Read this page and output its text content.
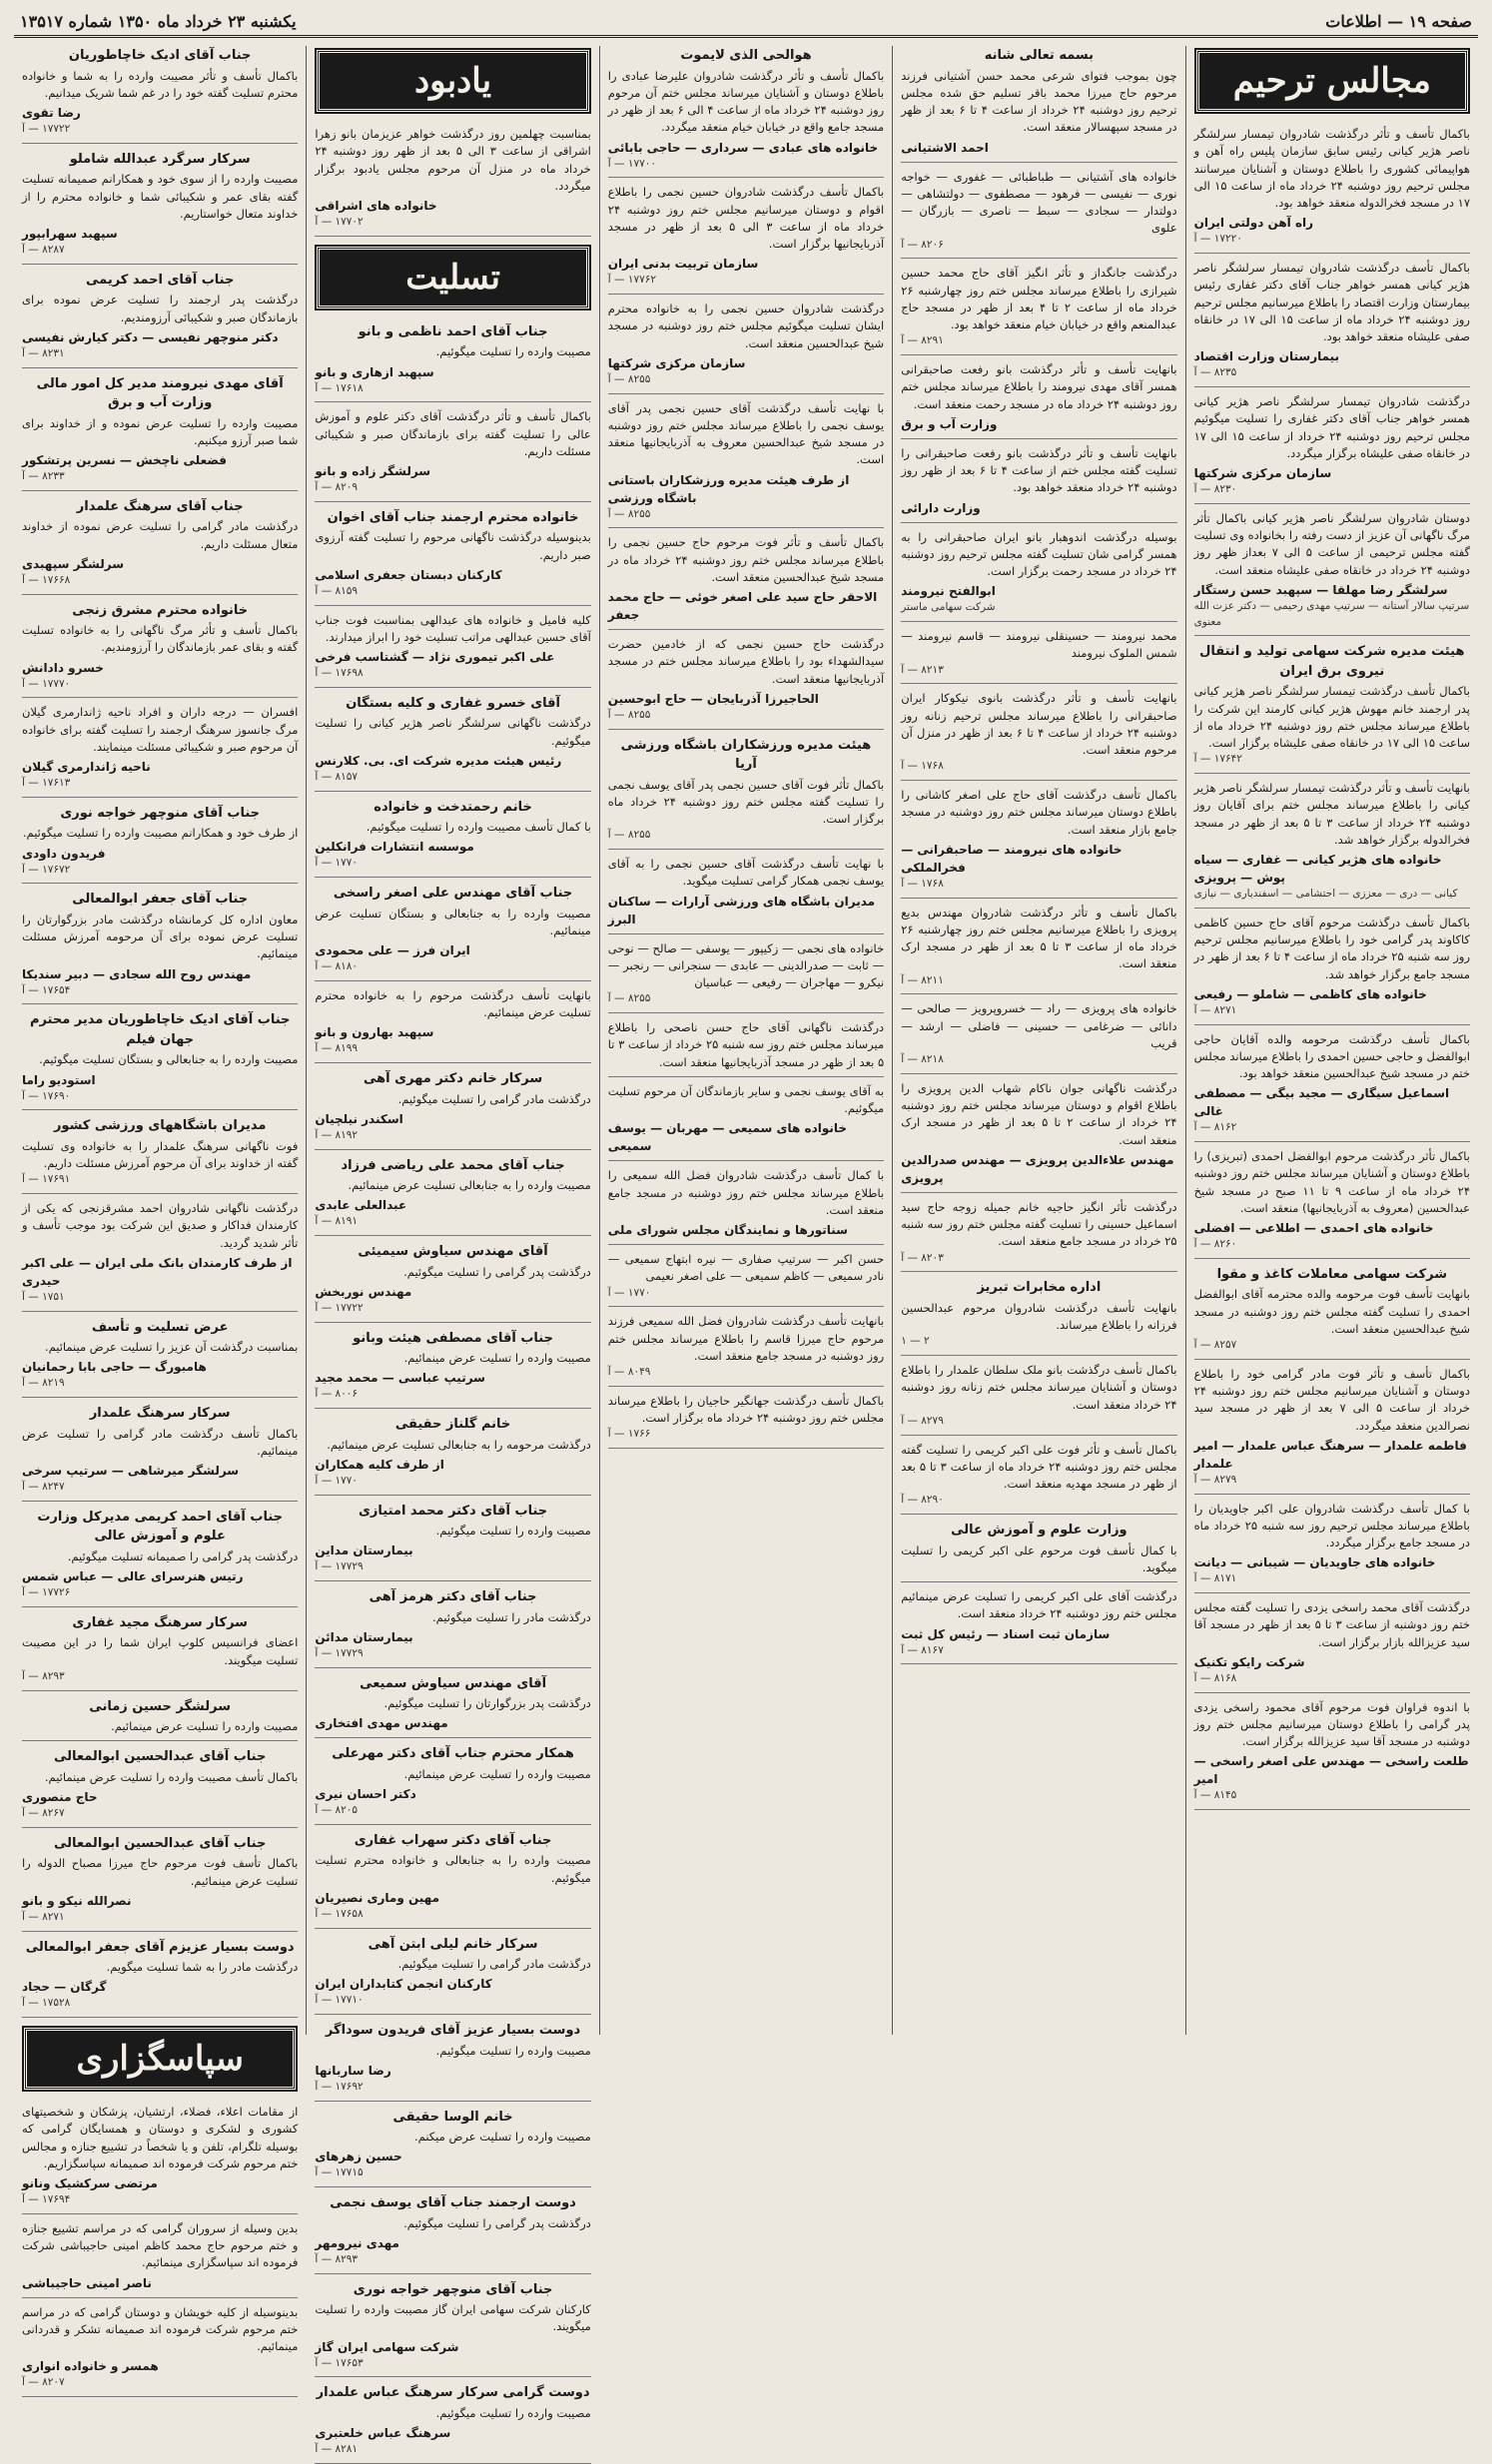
صفحه ۱۹ — اطلاعات
یکشنبه ۲۳ خرداد ماه ۱۳۵۰ شماره ۱۳۵۱۷
مجالس ترحیم
باکمال تأسف و تأثر درگذشت شادروان تیمسار سرلشگر ناصر هژیر کیانی رئیس سابق سازمان پلیس راه آهن و هواپیمائی کشوری را باطلاع دوستان و آشنایان میرسانند مجلس ترحیم روز دوشنبه ۲۴ خرداد ماه از ساعت ۱۵ الی ۱۷ در مسجد فخرالدوله منعقد خواهد بود.
راه آهن دولتی ایران
۱۷۲۲۰ — آ
باکمال تأسف درگذشت شادروان تیمسار سرلشگر ناصر هژیر کیانی همسر خواهر جناب آقای دکتر غفاری رئیس بیمارستان وزارت اقتصاد را باطلاع میرسانیم مجلس ترحیم روز دوشنبه ۲۴ خرداد ماه از ساعت ۱۵ الی ۱۷ در خانقاه صفی علیشاه منعقد خواهد بود.
بیمارستان وزارت اقتصاد
۸۲۳۵ — آ
درگذشت شادروان تیمسار سرلشگر ناصر هژیر کیانی همسر خواهر جناب آقای دکتر غفاری را تسلیت میگوئیم مجلس ترحیم روز دوشنبه ۲۴ خرداد از ساعت ۱۵ الی ۱۷ در خانقاه صفی علیشاه برگزار میگردد.
سازمان مرکزی شرکتها
۸۲۳۰ — آ
دوستان شادروان سرلشگر ناصر هژیر کیانی باکمال تأثر مرگ ناگهانی آن عزیز از دست رفته را بخانواده وی تسلیت گفته مجلس ترحیمی از ساعت ۵ الی ۷ بعداز ظهر روز دوشنبه ۲۴ خرداد در خانقاه صفی علیشاه منعقد است.
سرلشگر رضا مهلقا — سپهبد حسن رستگار
سرتیپ سالار آستانه — سرتیپ مهدی رحیمی — دکتر عزت الله معنوی
هیئت مدیره شرکت سهامی تولید و انتقال نیروی برق ایران
باکمال تأسف درگذشت تیمسار سرلشگر ناصر هژیر کیانی پدر ارجمند خانم مهوش هژیر کیانی کارمند این شرکت را باطلاع میرساند مجلس ختم روز دوشنبه ۲۴ خرداد ماه از ساعت ۱۵ الی ۱۷ در خانقاه صفی علیشاه برگزار است.
۱۷۶۴۲ — آ
بانهایت تأسف و تأثر درگذشت تیمسار سرلشگر ناصر هژیر کیانی را باطلاع میرساند مجلس ختم برای آقایان روز دوشنبه ۲۴ خرداد از ساعت ۳ تا ۵ بعد از ظهر در مسجد فخرالدوله برگزار خواهد شد.
خانواده های هژیر کیانی — غفاری — سیاه پوش — پرویزی
کیانی — دری — معززی — احتشامی — اسفندیاری — نیازی
باکمال تأسف درگذشت مرحوم آقای حاج حسین کاظمی کاکاوند پدر گرامی خود را باطلاع میرسانیم مجلس ترحیم روز سه شنبه ۲۵ خرداد ماه از ساعت ۴ تا ۶ بعد از ظهر در مسجد جامع برگزار خواهد شد.
خانواده های کاظمی — شاملو — رفیعی
۸۲۷۱ — آ
باکمال تأسف درگذشت مرحومه والده آقایان حاجی ابوالفضل و حاجی حسین احمدی را باطلاع میرساند مجلس ختم در مسجد شیخ عبدالحسین منعقد خواهد بود.
اسماعیل سیگاری — مجید بیگی — مصطفی غالی
۸۱۶۲ — آ
باکمال تأثر درگذشت مرحوم ابوالفضل احمدی (تبریزی) را باطلاع دوستان و آشنایان میرساند مجلس ختم روز دوشنبه ۲۴ خرداد ماه از ساعت ۹ تا ۱۱ صبح در مسجد شیخ عبدالحسین (معروف به آذربایجانیها) منعقد است.
خانواده های احمدی — اطلاعی — افضلی
۸۲۶۰ — آ
شرکت سهامی معاملات کاغذ و مقوا
بانهایت تأسف فوت مرحومه والده محترمه آقای ابوالفضل احمدی را تسلیت گفته مجلس ختم روز دوشنبه در مسجد شیخ عبدالحسین منعقد است.
۸۲۵۷ — آ
باکمال تأسف و تأثر فوت مادر گرامی خود را باطلاع دوستان و آشنایان میرسانیم مجلس ختم روز دوشنبه ۲۴ خرداد از ساعت ۵ الی ۷ بعد از ظهر در مسجد سید نصرالدین منعقد میگردد.
فاطمه علمدار — سرهنگ عباس علمدار — امیر علمدار
۸۲۷۹ — آ
با کمال تأسف درگذشت شادروان علی اکبر جاویدیان را باطلاع میرساند مجلس ترحیم روز سه شنبه ۲۵ خرداد ماه در مسجد جامع برگزار میگردد.
خانواده های جاویدیان — شیبانی — دیانت
۸۱۷۱ — آ
درگذشت آقای محمد راسخی یزدی را تسلیت گفته مجلس ختم روز دوشنبه از ساعت ۳ تا ۵ بعد از ظهر در مسجد آقا سید عزیزالله بازار برگزار است.
شرکت رایکو تکنیک
۸۱۶۸ — آ
با اندوه فراوان فوت مرحوم آقای محمود راسخی یزدی پدر گرامی را باطلاع دوستان میرسانیم مجلس ختم روز دوشنبه در مسجد آقا سید عزیزالله برگزار است.
طلعت راسخی — مهندس علی اصغر راسخی — امیر
۸۱۴۵ — آ
بسمه تعالی شانه
چون بموجب فتوای شرعی محمد حسن آشتیانی فرزند مرحوم حاج میرزا محمد باقر تسلیم حق شده مجلس ترحیم روز دوشنبه ۲۴ خرداد از ساعت ۴ تا ۶ بعد از ظهر در مسجد سپهسالار منعقد است.
احمد الاشتیانی
خانواده های آشتیانی — طباطبائی — غفوری — خواجه نوری — نفیسی — فرهود — مصطفوی — دولتشاهی — دولتدار — سجادی — سبط — ناصری — بازرگان — علوی
۸۲۰۶ — آ
درگذشت جانگداز و تأثر انگیز آقای حاج محمد حسین شیرازی را باطلاع میرساند مجلس ختم روز چهارشنبه ۲۶ خرداد ماه از ساعت ۲ تا ۴ بعد از ظهر در مسجد حاج عبدالمنعم واقع در خیابان خیام منعقد خواهد بود.
۸۲۹۱ — آ
بانهایت تأسف و تأثر درگذشت بانو رفعت صاحبقرانی همسر آقای مهدی نیرومند را باطلاع میرساند مجلس ختم روز دوشنبه ۲۴ خرداد ماه در مسجد رحمت منعقد است.
وزارت آب و برق
بانهایت تأسف و تأثر درگذشت بانو رفعت صاحبقرانی را تسلیت گفته مجلس ختم از ساعت ۴ تا ۶ بعد از ظهر روز دوشنبه ۲۴ خرداد منعقد خواهد بود.
وزارت دارائی
بوسیله درگذشت اندوهبار بانو ایران صاحبقرانی را به همسر گرامی شان تسلیت گفته مجلس ترحیم روز دوشنبه ۲۴ خرداد در مسجد رحمت برگزار است.
ابوالفتح نیرومند
شرکت سهامی ماستر
محمد نیرومند — حسینقلی نیرومند — قاسم نیرومند — شمس الملوک نیرومند
۸۲۱۳ — آ
بانهایت تأسف و تأثر درگذشت بانوی نیکوکار ایران صاحبقرانی را باطلاع میرساند مجلس ترحیم زنانه روز دوشنبه ۲۴ خرداد از ساعت ۴ تا ۶ بعد از ظهر در منزل آن مرحوم منعقد است.
۱۷۶۸ — آ
باکمال تأسف درگذشت آقای حاج علی اصغر کاشانی را باطلاع دوستان میرساند مجلس ختم روز دوشنبه در مسجد جامع بازار منعقد است.
خانواده های نیرومند — صاحبقرانی — فخرالملکی
۱۷۶۸ — آ
باکمال تأسف و تأثر درگذشت شادروان مهندس بدیع پرویزی را باطلاع میرسانیم مجلس ختم روز چهارشنبه ۲۶ خرداد ماه از ساعت ۳ تا ۵ بعد از ظهر در مسجد ارک منعقد است.
۸۲۱۱ — آ
خانواده های پرویزی — راد — خسروپرویز — صالحی — دانائی — ضرغامی — حسینی — فاضلی — ارشد — قریب
۸۲۱۸ — آ
درگذشت ناگهانی جوان ناکام شهاب الدین پرویزی را باطلاع اقوام و دوستان میرساند مجلس ختم روز دوشنبه ۲۴ خرداد از ساعت ۲ تا ۵ بعد از ظهر در مسجد ارک منعقد است.
مهندس علاءالدین پرویزی — مهندس صدرالدین پرویزی
درگذشت تأثر انگیز حاجیه خانم جمیله زوجه حاج سید اسماعیل حسینی را تسلیت گفته مجلس ختم روز سه شنبه ۲۵ خرداد در مسجد جامع منعقد است.
۸۲۰۳ — آ
اداره مخابرات تبریز
بانهایت تأسف درگذشت شادروان مرحوم عبدالحسین فرزانه را باطلاع میرساند.
۲ — ۱
باکمال تأسف درگذشت بانو ملک سلطان علمدار را باطلاع دوستان و آشنایان میرساند مجلس ختم زنانه روز دوشنبه ۲۴ خرداد منعقد است.
۸۲۷۹ — آ
باکمال تأسف و تأثر فوت علی اکبر کریمی را تسلیت گفته مجلس ختم روز دوشنبه ۲۴ خرداد ماه از ساعت ۳ تا ۵ بعد از ظهر در مسجد مهدیه منعقد است.
۸۲۹۰ — آ
وزارت علوم و آموزش عالی
با کمال تأسف فوت مرحوم علی اکبر کریمی را تسلیت میگوید.
درگذشت آقای علی اکبر کریمی را تسلیت عرض مینمائیم مجلس ختم روز دوشنبه ۲۴ خرداد منعقد است.
سازمان ثبت اسناد — رئیس کل ثبت
۸۱۶۷ — آ
هوالحی الذی لایموت
باکمال تأسف و تأثر درگذشت شادروان علیرضا عبادی را باطلاع دوستان و آشنایان میرساند مجلس ختم آن مرحوم روز دوشنبه ۲۴ خرداد ماه از ساعت ۴ الی ۶ بعد از ظهر در مسجد جامع واقع در خیابان خیام منعقد میگردد.
خانواده های عبادی — سرداری — حاجی بابائی
۱۷۷۰۰ — آ
باکمال تأسف درگذشت شادروان حسین نجمی را باطلاع اقوام و دوستان میرسانیم مجلس ختم روز دوشنبه ۲۴ خرداد ماه از ساعت ۳ الی ۵ بعد از ظهر در مسجد آذربایجانیها برگزار است.
سازمان تربیت بدنی ایران
۱۷۷۶۲ — آ
درگذشت شادروان حسین نجمی را به خانواده محترم ایشان تسلیت میگوئیم مجلس ختم روز دوشنبه در مسجد شیخ عبدالحسین منعقد است.
سازمان مرکزی شرکتها
۸۲۵۵ — آ
با نهایت تأسف درگذشت آقای حسین نجمی پدر آقای یوسف نجمی را باطلاع میرساند مجلس ختم روز دوشنبه در مسجد شیخ عبدالحسین معروف به آذربایجانیها منعقد است.
از طرف هیئت مدیره ورزشکاران باستانی باشگاه ورزشی
۸۲۵۵ — آ
باکمال تأسف و تأثر فوت مرحوم حاج حسین نجمی را باطلاع میرساند مجلس ختم روز دوشنبه ۲۴ خرداد ماه در مسجد شیخ عبدالحسین منعقد است.
الاحقر حاج سید علی اصغر خوئی — حاج محمد جعفر
درگذشت حاج حسین نجمی که از خادمین حضرت سیدالشهداء بود را باطلاع میرساند مجلس ختم در مسجد آذربایجانیها منعقد است.
الحاجیرزا آذربایجان — حاج ابوحسین
۸۲۵۵ — آ
هیئت مدیره ورزشکاران باشگاه ورزشی آریا
باکمال تأثر فوت آقای حسین نجمی پدر آقای یوسف نجمی را تسلیت گفته مجلس ختم روز دوشنبه ۲۴ خرداد ماه برگزار است.
۸۲۵۵ — آ
با نهایت تأسف درگذشت آقای حسین نجمی را به آقای یوسف نجمی همکار گرامی تسلیت میگوید.
مدیران باشگاه های ورزشی آرارات — ساکنان البرز
خانواده های نجمی — زکیپور — یوسفی — صالح — نوحی — ثابت — صدرالدینی — عابدی — سنجرانی — رنجبر — نیکرو — مهاجران — رفیعی — عباسیان
۸۲۵۵ — آ
درگذشت ناگهانی آقای حاج حسن ناصحی را باطلاع میرساند مجلس ختم روز سه شنبه ۲۵ خرداد از ساعت ۳ تا ۵ بعد از ظهر در مسجد آذربایجانیها منعقد است.
به آقای یوسف نجمی و سایر بازماندگان آن مرحوم تسلیت میگوئیم.
خانواده های سمیعی — مهربان — یوسف سمیعی
با کمال تأسف درگذشت شادروان فضل الله سمیعی را باطلاع میرساند مجلس ختم روز دوشنبه در مسجد جامع منعقد است.
سناتورها و نمایندگان مجلس شورای ملی
حسن اکبر — سرتیپ صفاری — نیره ابتهاج سمیعی — نادر سمیعی — کاظم سمیعی — علی اصغر نعیمی
۱۷۷۰ — آ
بانهایت تأسف درگذشت شادروان فضل الله سمیعی فرزند مرحوم حاج میرزا قاسم را باطلاع میرساند مجلس ختم روز دوشنبه در مسجد جامع منعقد است.
۸۰۴۹ — آ
باکمال تأسف درگذشت جهانگیر حاجیان را باطلاع میرساند مجلس ختم روز دوشنبه ۲۴ خرداد ماه برگزار است.
۱۷۶۶ — آ
یادبود
بمناسبت چهلمین روز درگذشت خواهر عزیزمان بانو زهرا اشراقی از ساعت ۳ الی ۵ بعد از ظهر روز دوشنبه ۲۴ خرداد ماه در منزل آن مرحوم مجلس یادبود برگزار میگردد.
خانواده های اشراقی
۱۷۷۰۲ — آ
تسلیت
جناب آقای احمد ناظمی و بانو
مصیبت وارده را تسلیت میگوئیم.
سپهبد ازهاری و بانو
۱۷۶۱۸ — آ
باکمال تأسف و تأثر درگذشت آقای دکتر علوم و آموزش عالی را تسلیت گفته برای بازماندگان صبر و شکیبائی مسئلت داریم.
سرلشگر زاده و بانو
۸۲۰۹ — آ
خانواده محترم ارجمند جناب آقای اخوان
بدینوسیله درگذشت ناگهانی مرحوم را تسلیت گفته آرزوی صبر داریم.
کارکنان دبستان جعفری اسلامی
۸۱۵۹ — آ
کلیه فامیل و خانواده های عبدالهی بمناسبت فوت جناب آقای حسین عبدالهی مراتب تسلیت خود را ابراز میدارند.
علی اکبر تیموری نژاد — گشتاسب فرخی
۱۷۶۹۸ — آ
آقای خسرو غفاری و کلیه بستگان
درگذشت ناگهانی سرلشگر ناصر هژیر کیانی را تسلیت میگوئیم.
رئیس هیئت مدیره شرکت ای. بی. کلارنس
۸۱۵۷ — آ
خانم رحمتدخت و خانواده
با کمال تأسف مصیبت وارده را تسلیت میگوئیم.
موسسه انتشارات فرانکلین
۱۷۷۰ — آ
جناب آقای مهندس علی اصغر راسخی
مصیبت وارده را به جنابعالی و بستگان تسلیت عرض مینمائیم.
ایران فرز — علی محمودی
۸۱۸۰ — آ
بانهایت تأسف درگذشت مرحوم را به خانواده محترم تسلیت عرض مینمائیم.
سپهبد بهارون و بانو
۸۱۹۹ — آ
سرکار خانم دکتر مهری آهی
درگذشت مادر گرامی را تسلیت میگوئیم.
اسکندر نیلچیان
۸۱۹۲ — آ
جناب آقای محمد علی ریاضی فرزاد
مصیبت وارده را به جنابعالی تسلیت عرض مینمائیم.
عبدالعلی عابدی
۸۱۹۱ — آ
آقای مهندس سیاوش سیمیئی
درگذشت پدر گرامی را تسلیت میگوئیم.
مهندس نوربخش
۱۷۷۲۲ — آ
جناب آقای مصطفی هیئت وبانو
مصیبت وارده را تسلیت عرض مینمائیم.
سرتیپ عباسی — محمد مجید
۸۰۰۶ — آ
خانم گلناز حقیقی
درگذشت مرحومه را به جنابعالی تسلیت عرض مینمائیم.
از طرف کلیه همکاران
۱۷۷۰ — آ
جناب آقای دکتر محمد امتیازی
مصیبت وارده را تسلیت میگوئیم.
بیمارستان مداین
۱۷۷۲۹ — آ
جناب آقای دکتر هرمز آهی
درگذشت مادر را تسلیت میگوئیم.
بیمارستان مدائن
۱۷۷۲۹ — آ
آقای مهندس سیاوش سمیعی
درگذشت پدر بزرگوارتان را تسلیت میگوئیم.
مهندس مهدی افتخاری
همکار محترم جناب آقای دکتر مهرعلی
مصیبت وارده را تسلیت عرض مینمائیم.
دکتر احسان نیری
۸۲۰۵ — آ
جناب آقای دکتر سهراب غفاری
مصیبت وارده را به جنابعالی و خانواده محترم تسلیت میگوئیم.
مهین وماری نصیریان
۱۷۶۵۸ — آ
سرکار خانم لیلی ابتن آهی
درگذشت مادر گرامی را تسلیت میگوئیم.
کارکنان انجمن کتابداران ایران
۱۷۷۱۰ — آ
دوست بسیار عزیز آقای فریدون سوداگر
مصیبت وارده را تسلیت میگوئیم.
رضا ساربانها
۱۷۶۹۲ — آ
خانم الوسا حقیقی
مصیبت وارده را تسلیت عرض میکنم.
حسین زهرهای
۱۷۷۱۵ — آ
دوست ارجمند جناب آقای یوسف نجمی
درگذشت پدر گرامی را تسلیت میگوئیم.
مهدی نیرومهر
۸۲۹۳ — آ
جناب آقای منوچهر خواجه نوری
کارکنان شرکت سهامی ایران گاز مصیبت وارده را تسلیت میگویند.
شرکت سهامی ایران گاز
۱۷۶۵۳ — آ
دوست گرامی سرکار سرهنگ عباس علمدار
مصیبت وارده را تسلیت میگوئیم.
سرهنگ عباس خلعتبری
۸۲۸۱ — آ
جناب آقای ادیک خاچاطوریان
باکمال تأسف و تأثر مصیبت وارده را به شما و خانواده محترم تسلیت گفته خود را در غم شما شریک میدانیم.
رضا تقوی
۱۷۷۲۲ — آ
سرکار سرگرد عبدالله شاملو
مصیبت وارده را از سوی خود و همکارانم صمیمانه تسلیت گفته بقای عمر و شکیبائی شما و خانواده محترم را از خداوند متعال خواستاریم.
سپهبد سهرابپور
۸۲۸۷ — آ
جناب آقای احمد کریمی
درگذشت پدر ارجمند را تسلیت عرض نموده برای بازماندگان صبر و شکیبائی آرزومندیم.
دکتر منوچهر نفیسی — دکتر کیارش نفیسی
۸۲۳۱ — آ
آقای مهدی نیرومند مدیر کل امور مالی وزارت آب و برق
مصیبت وارده را تسلیت عرض نموده و از خداوند برای شما صبر آرزو میکنیم.
فضعلی ناچخش — نسرین پرتشکور
۸۲۳۳ — آ
جناب آقای سرهنگ علمدار
درگذشت مادر گرامی را تسلیت عرض نموده از خداوند متعال مسئلت داریم.
سرلشگر سپهبدی
۱۷۶۶۸ — آ
خانواده محترم مشرق زنجی
باکمال تأسف و تأثر مرگ ناگهانی را به خانواده تسلیت گفته و بقای عمر بازماندگان را آرزومندیم.
خسرو دادانش
۱۷۷۷۰ — آ
افسران — درجه داران و افراد ناحیه ژاندارمری گیلان مرگ جانسوز سرهنگ ارجمند را تسلیت گفته برای خانواده آن مرحوم صبر و شکیبائی مسئلت مینمایند.
ناحیه ژاندارمری گیلان
۱۷۶۱۳ — آ
جناب آقای منوچهر خواجه نوری
از طرف خود و همکارانم مصیبت وارده را تسلیت میگوئیم.
فریدون داودی
۱۷۶۷۲ — آ
جناب آقای جعفر ابوالمعالی
معاون اداره کل کرمانشاه درگذشت مادر بزرگوارتان را تسلیت عرض نموده برای آن مرحومه آمرزش مسئلت مینمائیم.
مهندس روح الله سجادی — دبیر سنديکا
۱۷۶۵۴ — آ
جناب آقای ادیک خاچاطوریان مدیر محترم جهان فیلم
مصیبت وارده را به جنابعالی و بستگان تسلیت میگوئیم.
استودیو راما
۱۷۶۹۰ — آ
مدیران باشگاههای ورزشی کشور
فوت ناگهانی سرهنگ علمدار را به خانواده وی تسلیت گفته از خداوند برای آن مرحوم آمرزش مسئلت داریم.
۱۷۶۹۱ — آ
درگذشت ناگهانی شادروان احمد مشرقزنجی که یکی از کارمندان فداکار و صدیق این شرکت بود موجب تأسف و تأثر شدید گردید.
از طرف کارمندان بانک ملی ایران — علی اکبر حیدری
۱۷۵۱ — آ
عرض تسلیت و تأسف
بمناسبت درگذشت آن عزیز را تسلیت عرض مینمائیم.
هامبورگ — حاجی بابا رحمانیان
۸۲۱۹ — آ
سرکار سرهنگ علمدار
باکمال تأسف درگذشت مادر گرامی را تسلیت عرض مینمائیم.
سرلشگر میرشاهی — سرتیپ سرخی
۸۲۴۷ — آ
جناب آقای احمد کریمی مدیرکل وزارت علوم و آموزش عالی
درگذشت پدر گرامی را صمیمانه تسلیت میگوئیم.
رتیس هنرسرای عالی — عباس شمس
۱۷۷۲۶ — آ
سرکار سرهنگ مجید غفاری
اعضای فرانسیس کلوپ ایران شما را در این مصیبت تسلیت میگویند.
۸۲۹۳ — آ
سرلشگر حسین زمانی
مصیبت وارده را تسلیت عرض مینمائیم.
جناب آقای عبدالحسین ابوالمعالی
باکمال تأسف مصیبت وارده را تسلیت عرض مینمائیم.
حاج منصوری
۸۲۶۷ — آ
جناب آقای عبدالحسین ابوالمعالی
باکمال تأسف فوت مرحوم حاج میرزا مصباح الدوله را تسلیت عرض مینمائیم.
نصرالله نیکو و بانو
۸۲۷۱ — آ
دوست بسیار عزیزم آقای جعفر ابوالمعالی
درگذشت مادر را به شما تسلیت میگویم.
گرگان — حجاد
۱۷۵۲۸ — آ
سپاسگزاری
از مقامات اعلاء، فضلاء، ارتشیان، پزشکان و شخصیتهای کشوری و لشکری و دوستان و همسایگان گرامی که بوسیله تلگرام، تلفن و یا شخصاً در تشییع جنازه و مجالس ختم مرحوم شرکت فرموده اند صمیمانه سپاسگزاریم.
مرتضی سرکشیک ونانو
۱۷۶۹۴ — آ
بدین وسیله از سروران گرامی که در مراسم تشییع جنازه و ختم مرحوم حاج محمد کاظم امینی حاجیباشی شرکت فرموده اند سپاسگزاری مینمائیم.
ناصر امینی حاجیباشی
بدینوسیله از کلیه خویشان و دوستان گرامی که در مراسم ختم مرحوم شرکت فرموده اند صمیمانه تشکر و قدردانی مینمائیم.
همسر و خانواده انواری
۸۲۰۷ — آ
